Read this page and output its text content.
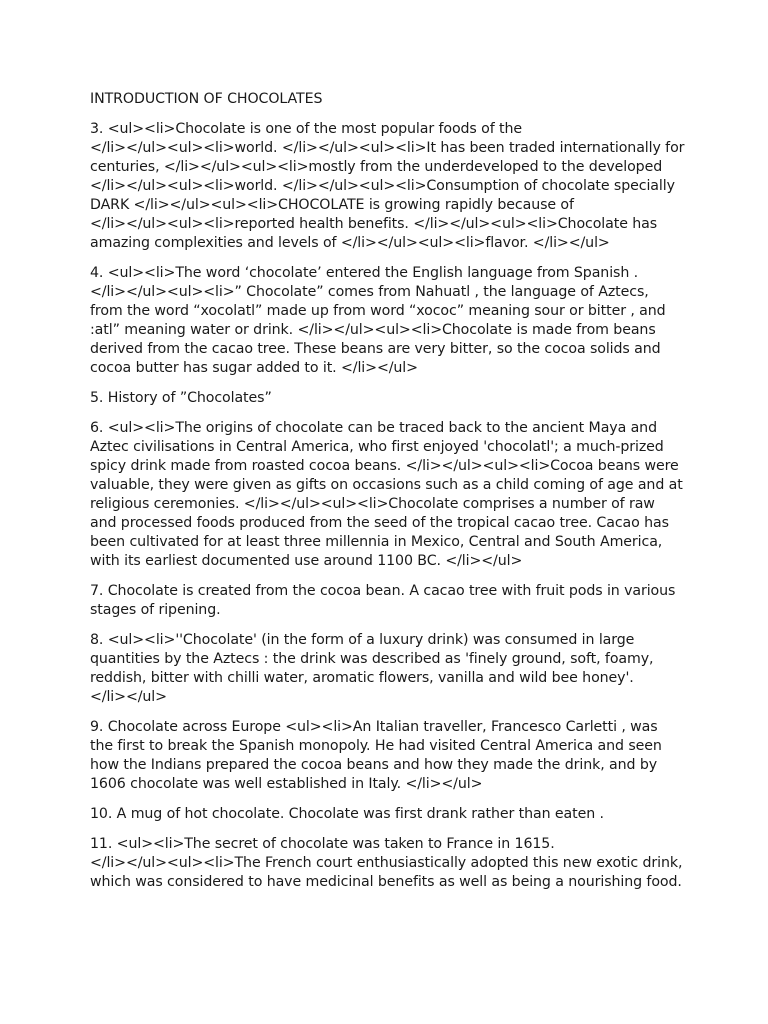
INTRODUCTION OF CHOCOLATES
3. <ul><li>Chocolate is one of the most popular foods of the
</li></ul><ul><li>world. </li></ul><ul><li>It has been traded internationally for
centuries, </li></ul><ul><li>mostly from the underdeveloped to the developed
</li></ul><ul><li>world. </li></ul><ul><li>Consumption of chocolate specially
DARK </li></ul><ul><li>CHOCOLATE is growing rapidly because of
</li></ul><ul><li>reported health benefits. </li></ul><ul><li>Chocolate has
amazing complexities and levels of </li></ul><ul><li>flavor. </li></ul>
4. <ul><li>The word ‘chocolate’ entered the English language from Spanish .
</li></ul><ul><li>” Chocolate” comes from Nahuatl , the language of Aztecs,
from the word “xocolatl” made up from word “xococ” meaning sour or bitter , and
:atl” meaning water or drink. </li></ul><ul><li>Chocolate is made from beans
derived from the cacao tree. These beans are very bitter, so the cocoa solids and
cocoa butter has sugar added to it. </li></ul>
5. History of ”Chocolates”
6. <ul><li>The origins of chocolate can be traced back to the ancient Maya and
Aztec civilisations in Central America, who first enjoyed 'chocolatl'; a much-prized
spicy drink made from roasted cocoa beans. </li></ul><ul><li>Cocoa beans were
valuable, they were given as gifts on occasions such as a child coming of age and at
religious ceremonies. </li></ul><ul><li>Chocolate comprises a number of raw
and processed foods produced from the seed of the tropical cacao tree. Cacao has
been cultivated for at least three millennia in Mexico, Central and South America,
with its earliest documented use around 1100 BC. </li></ul>
7. Chocolate is created from the cocoa bean. A cacao tree with fruit pods in various
stages of ripening.
8. <ul><li>''Chocolate' (in the form of a luxury drink) was consumed in large
quantities by the Aztecs : the drink was described as 'finely ground, soft, foamy,
reddish, bitter with chilli water, aromatic flowers, vanilla and wild bee honey'.
</li></ul>
9. Chocolate across Europe <ul><li>An Italian traveller, Francesco Carletti , was
the first to break the Spanish monopoly. He had visited Central America and seen
how the Indians prepared the cocoa beans and how they made the drink, and by
1606 chocolate was well established in Italy. </li></ul>
10. A mug of hot chocolate. Chocolate was first drank rather than eaten .
11. <ul><li>The secret of chocolate was taken to France in 1615.
</li></ul><ul><li>The French court enthusiastically adopted this new exotic drink,
which was considered to have medicinal benefits as well as being a nourishing food.
